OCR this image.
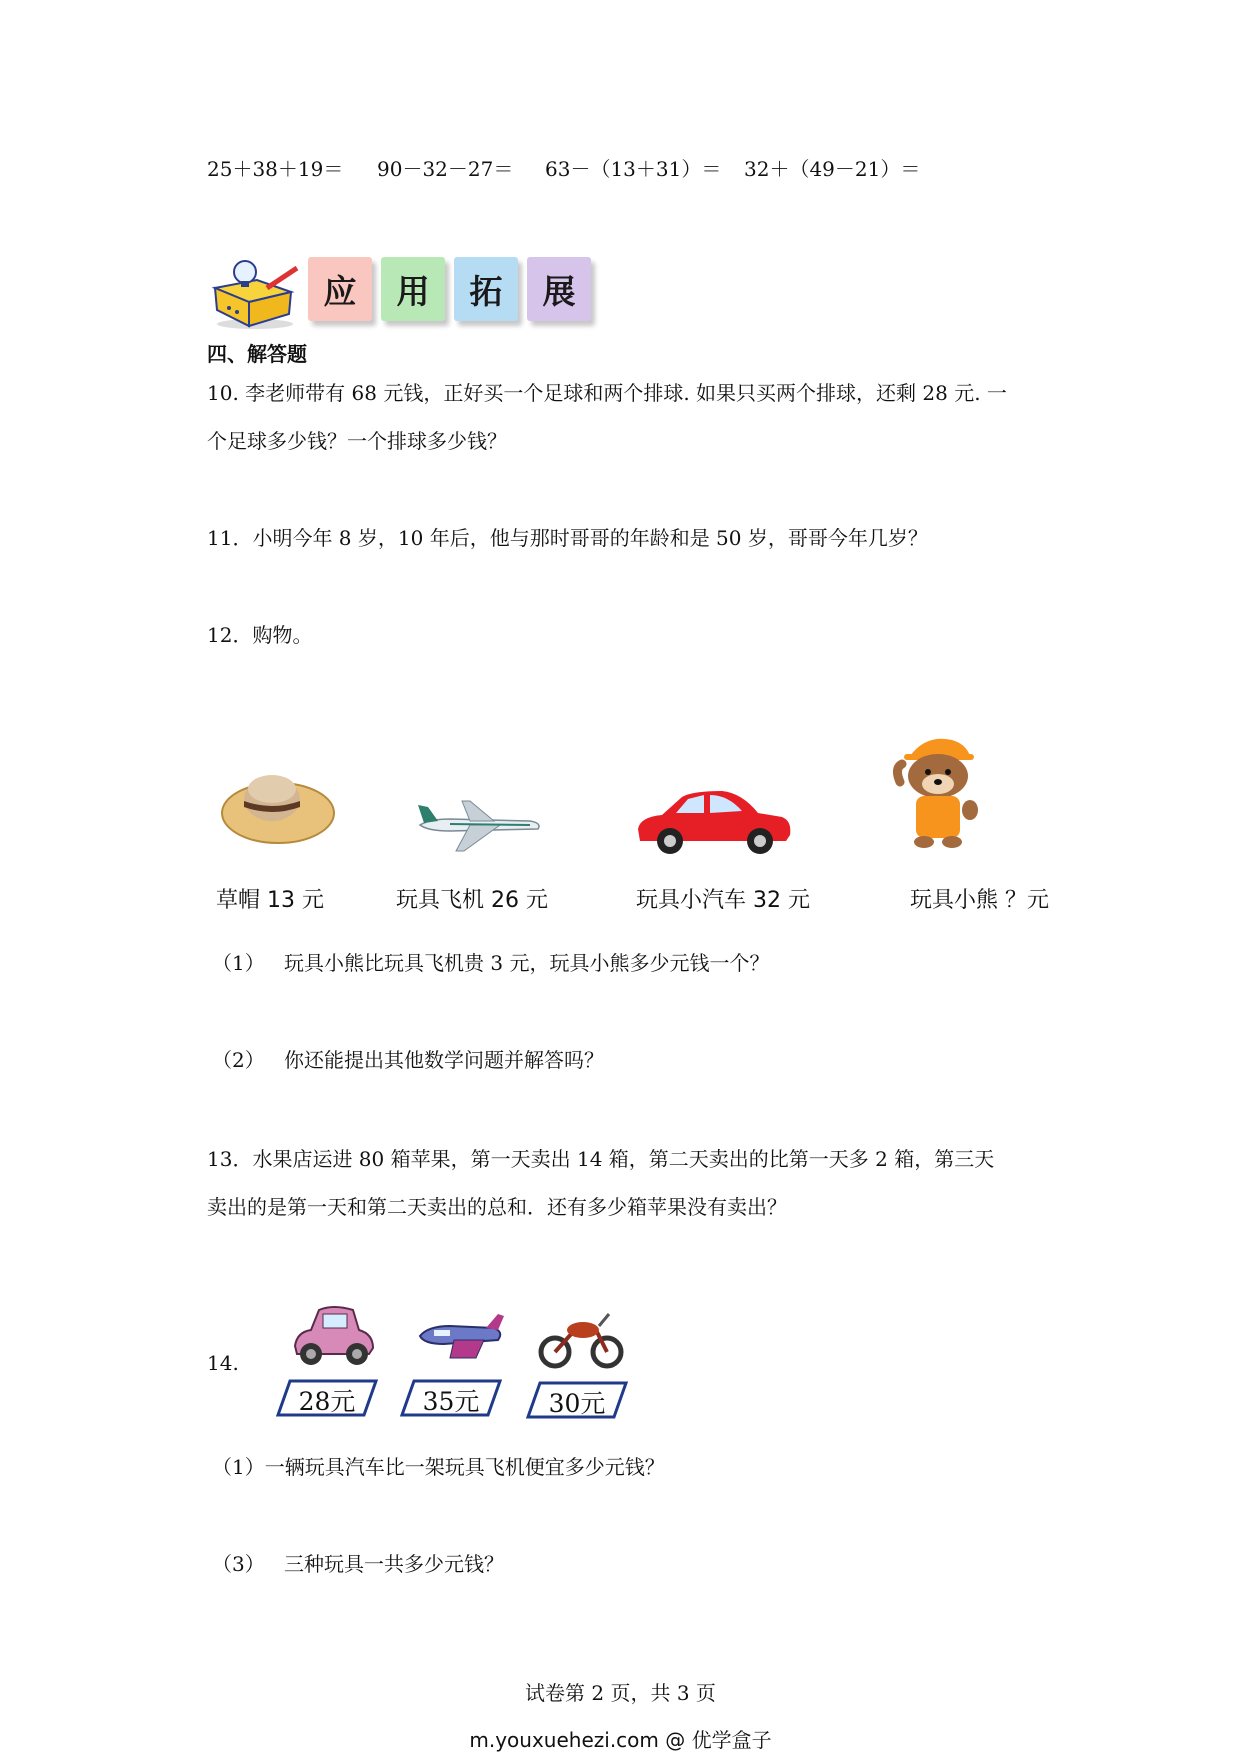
25＋38＋19＝ 90－32－27＝ 63－（13＋31）＝ 32＋（49－21）＝
应 用 拓 展
四、解答题
10. 李老师带有 68 元钱，正好买一个足球和两个排球. 如果只买两个排球，还剩 28 元. 一
个足球多少钱？一个排球多少钱？
11．小明今年 8 岁，10 年后，他与那时哥哥的年龄和是 50 岁，哥哥今年几岁？
12．购物。
草帽 13 元	玩具飞机 26 元	玩具小汽车 32 元	玩具小熊 ？元
（1） 玩具小熊比玩具飞机贵 3 元，玩具小熊多少元钱一个？
（2） 你还能提出其他数学问题并解答吗？
13．水果店运进 80 箱苹果，第一天卖出 14 箱，第二天卖出的比第一天多 2 箱，第三天
卖出的是第一天和第二天卖出的总和．还有多少箱苹果没有卖出？
14.
28元	35元	30元
（1）一辆玩具汽车比一架玩具飞机便宜多少元钱？
（3） 三种玩具一共多少元钱？
试卷第 2 页，共 3 页
m.youxuehezi.com @ 优学盒子
